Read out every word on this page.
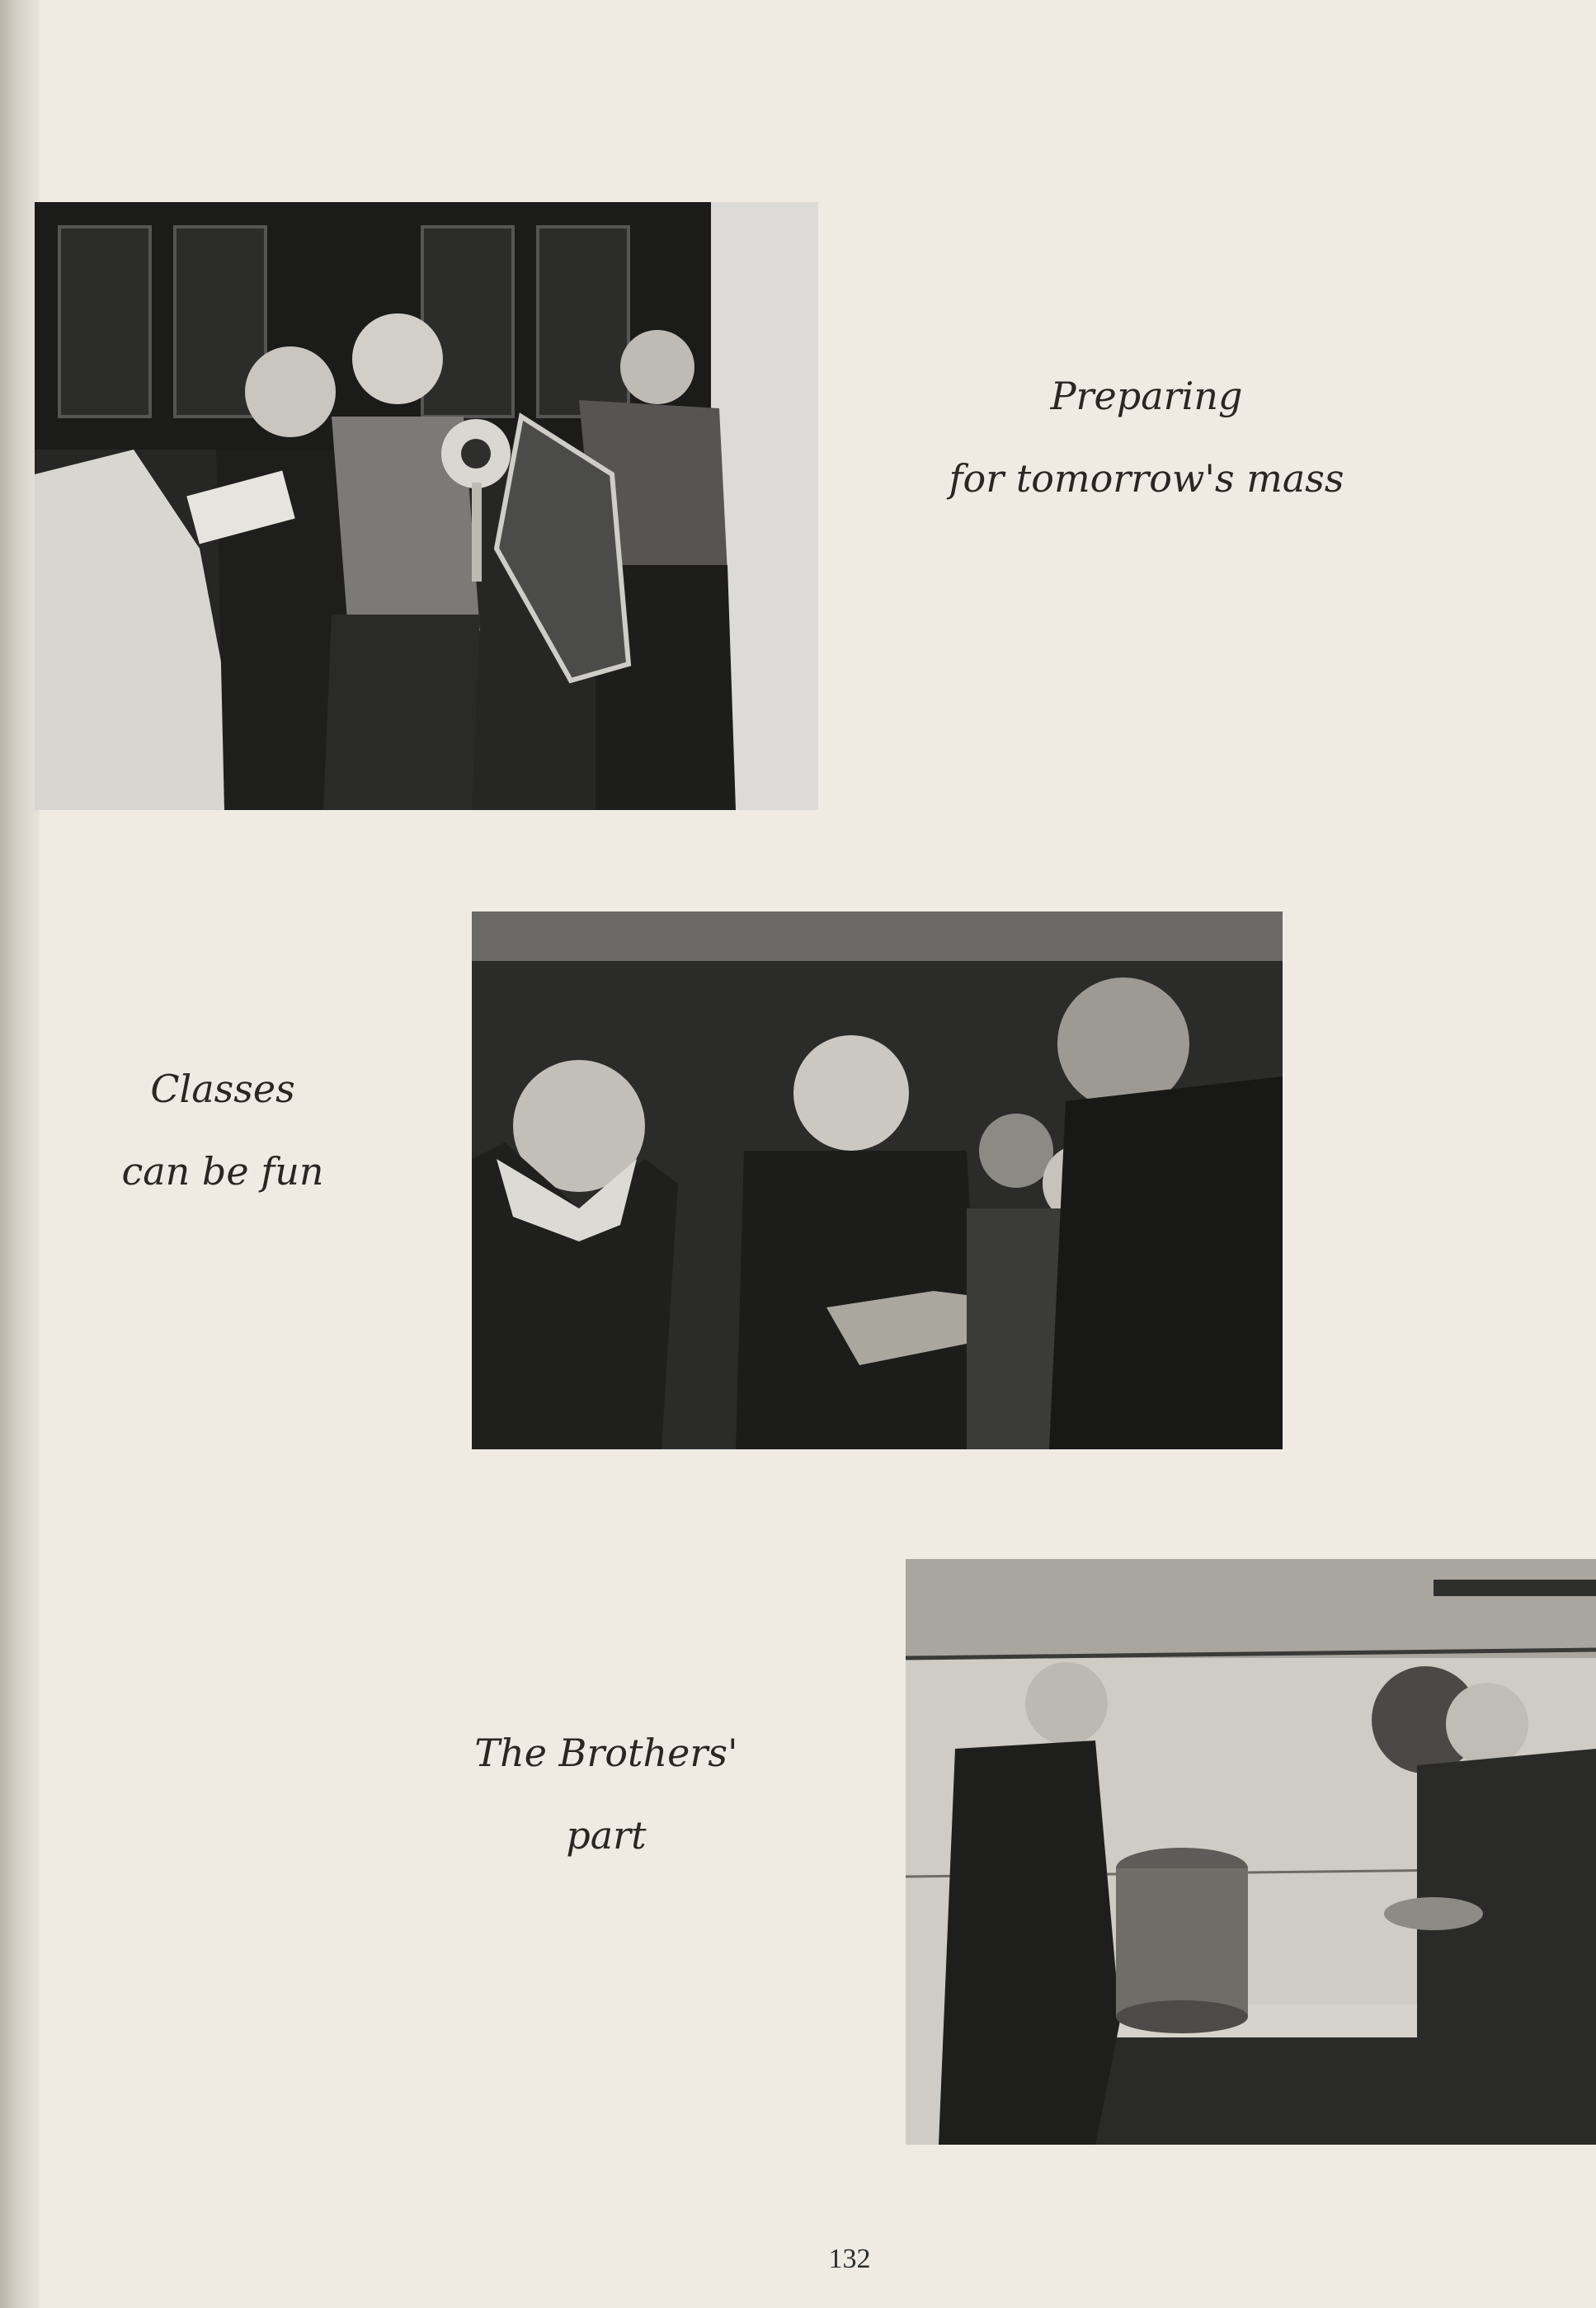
Preparing
for tomorrow's mass
Classes
can be fun
The Brothers'
part
132
